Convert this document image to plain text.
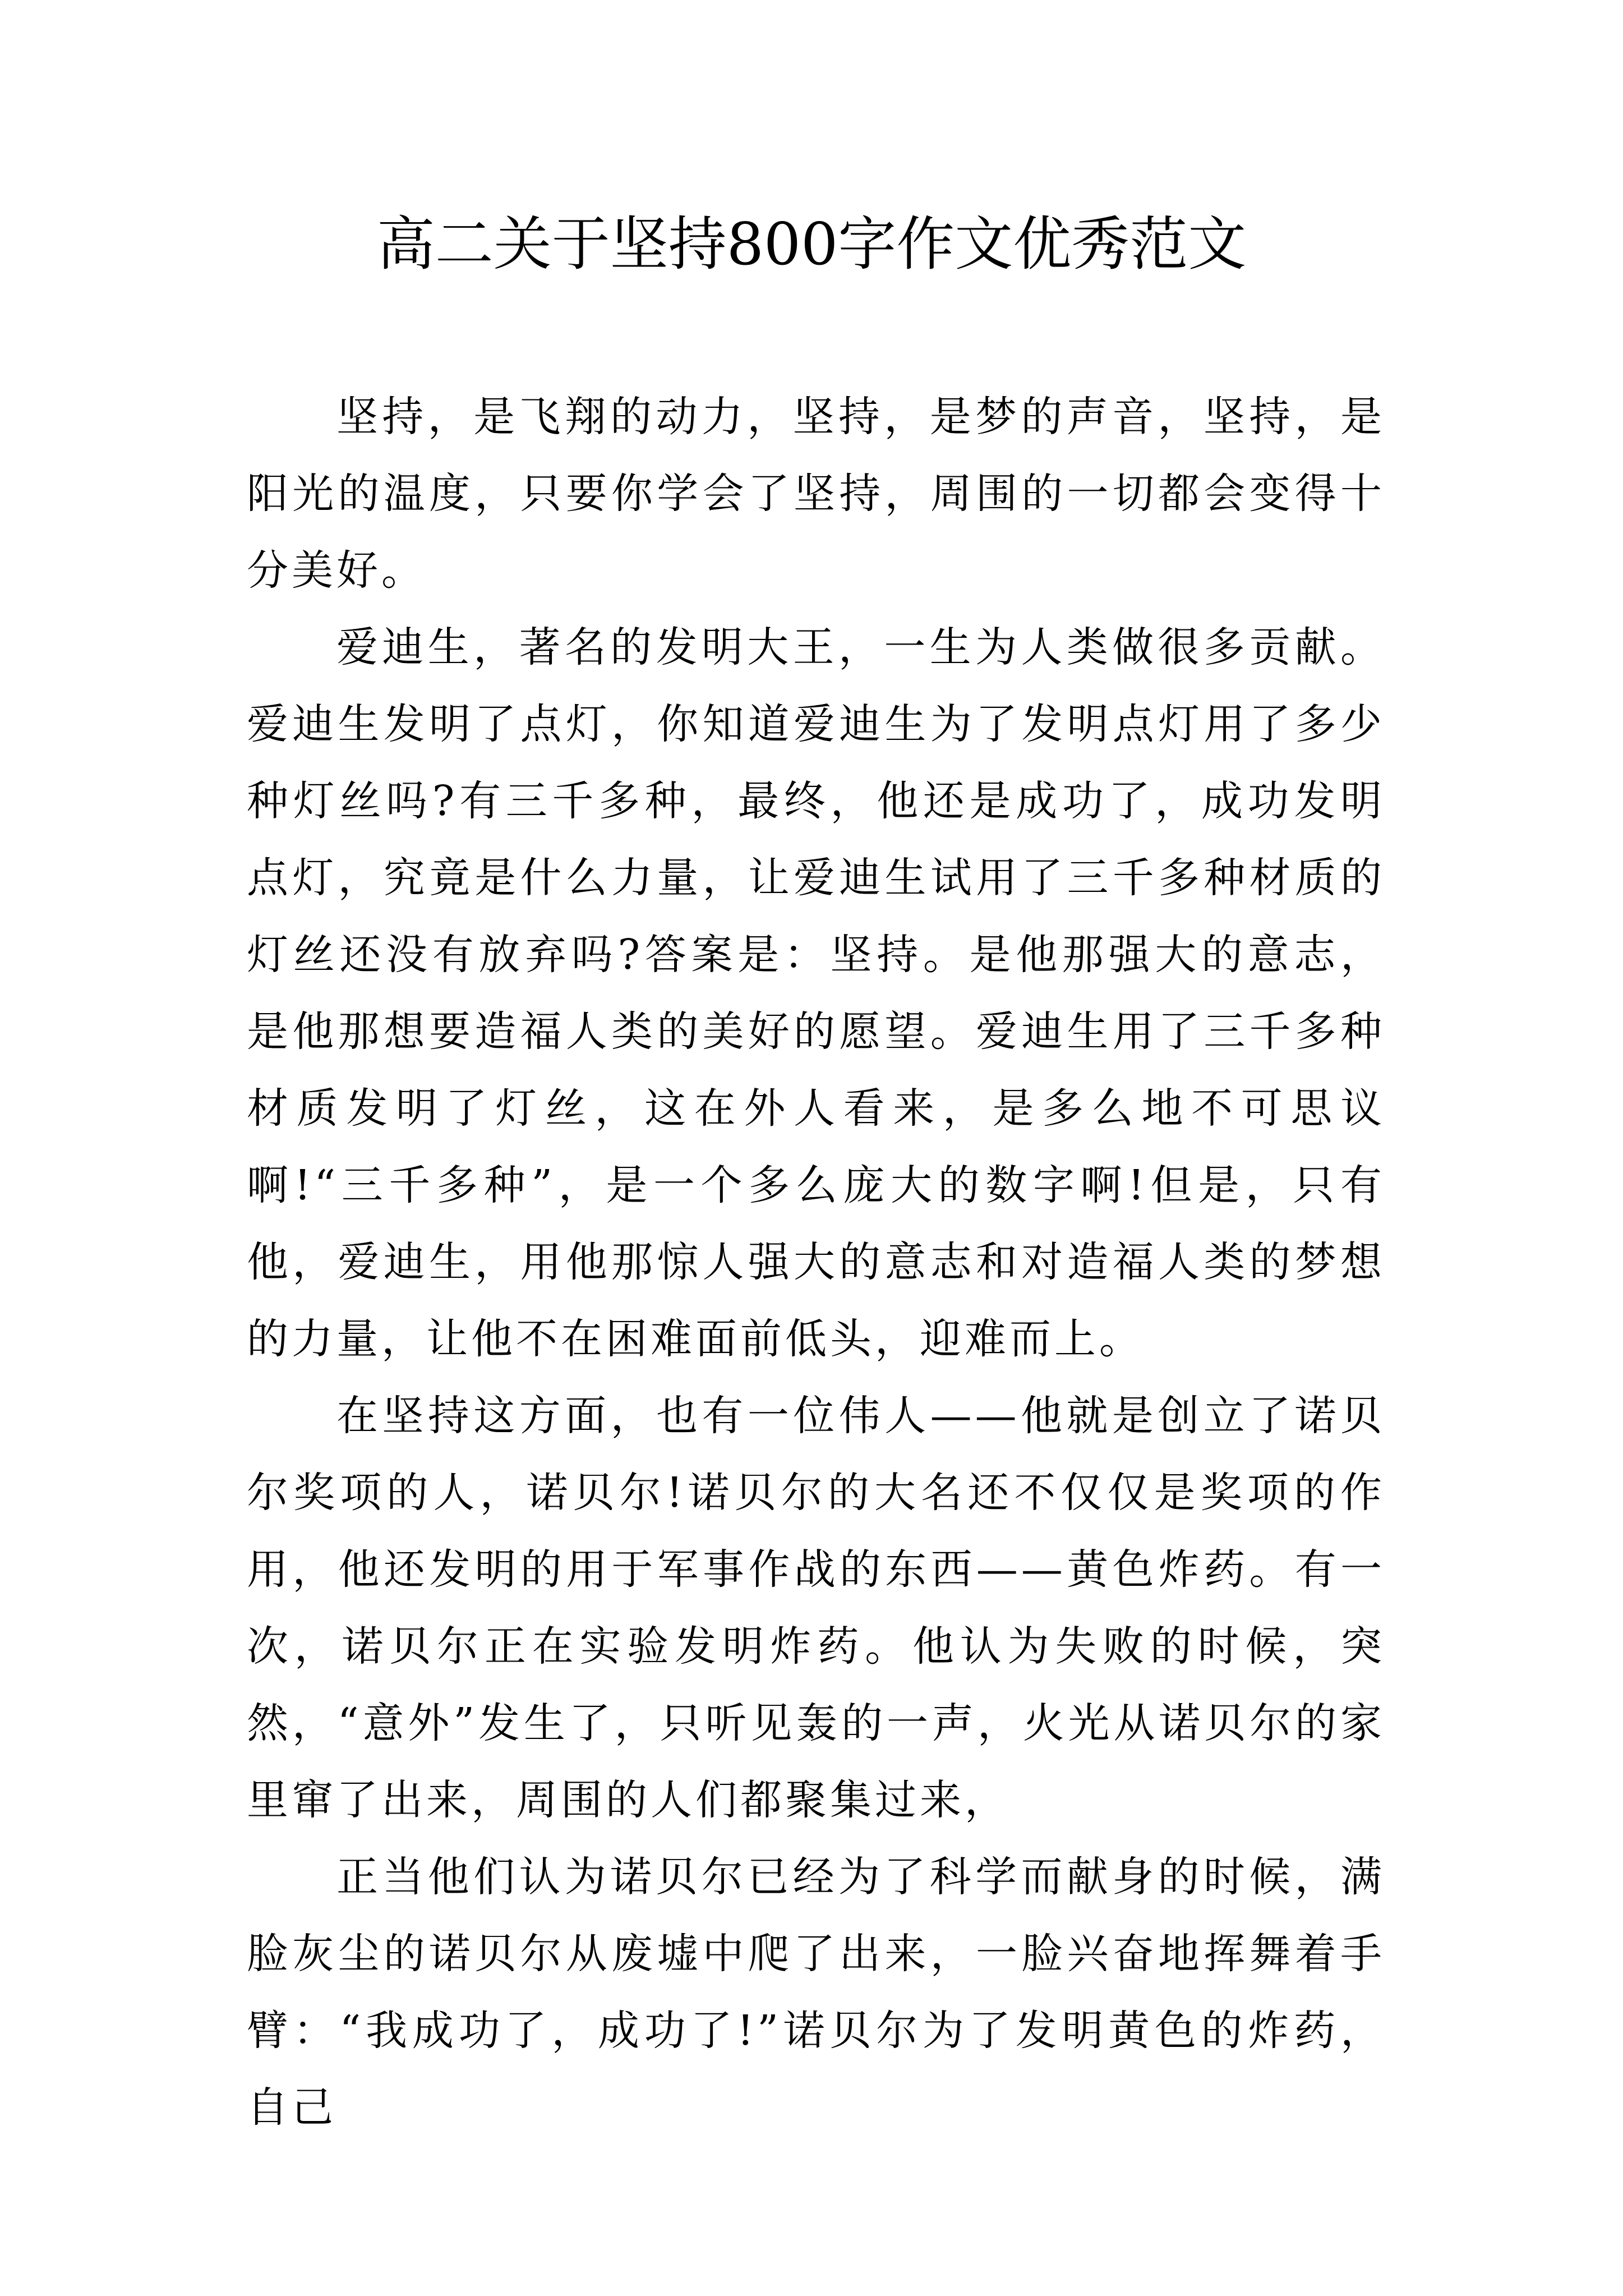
高二关于坚持800字作文优秀范文

坚持，是飞翔的动力，坚持，是梦的声音，坚持，是阳光的温度，只要你学会了坚持，周围的一切都会变得十分美好。

爱迪生，著名的发明大王，一生为人类做很多贡献。爱迪生发明了点灯，你知道爱迪生为了发明点灯用了多少种灯丝吗?有三千多种，最终，他还是成功了，成功发明点灯，究竟是什么力量，让爱迪生试用了三千多种材质的灯丝还没有放弃吗?答案是：坚持。是他那强大的意志，是他那想要造福人类的美好的愿望。爱迪生用了三千多种材质发明了灯丝，这在外人看来，是多么地不可思议啊!“三千多种”，是一个多么庞大的数字啊!但是，只有他，爱迪生，用他那惊人强大的意志和对造福人类的梦想的力量，让他不在困难面前低头，迎难而上。

在坚持这方面，也有一位伟人——他就是创立了诺贝尔奖项的人，诺贝尔!诺贝尔的大名还不仅仅是奖项的作用，他还发明的用于军事作战的东西——黄色炸药。有一次，诺贝尔正在实验发明炸药。他认为失败的时候，突然，“意外”发生了，只听见轰的一声，火光从诺贝尔的家里窜了出来，周围的人们都聚集过来，

正当他们认为诺贝尔已经为了科学而献身的时候，满脸灰尘的诺贝尔从废墟中爬了出来，一脸兴奋地挥舞着手臂：“我成功了，成功了!”诺贝尔为了发明黄色的炸药，自己
